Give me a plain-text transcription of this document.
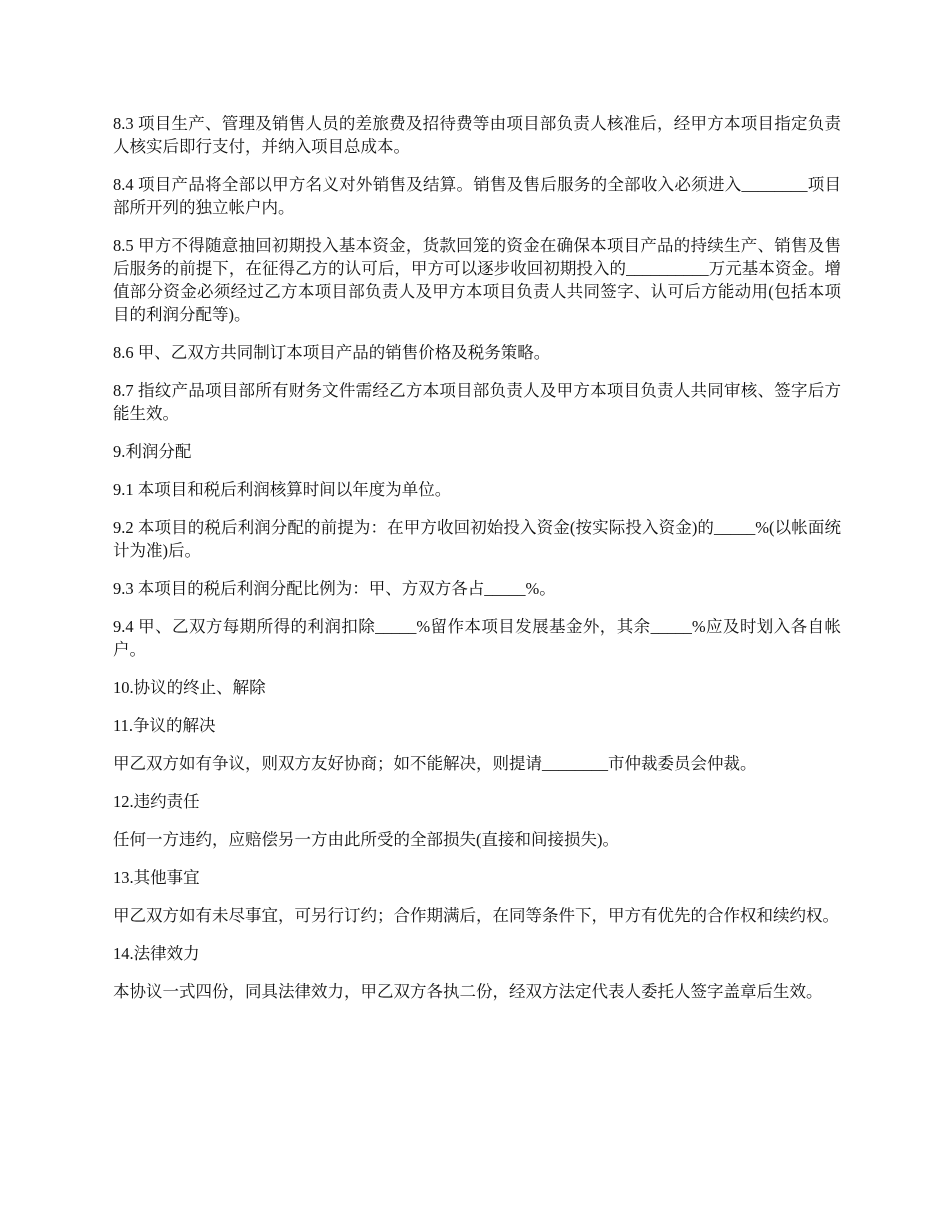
8.3 项目生产、管理及销售人员的差旅费及招待费等由项目部负责人核准后，经甲方本项目指定负责人核实后即行支付，并纳入项目总成本。

8.4 项目产品将全部以甲方名义对外销售及结算。销售及售后服务的全部收入必须进入________项目部所开列的独立帐户内。

8.5 甲方不得随意抽回初期投入基本资金，货款回笼的资金在确保本项目产品的持续生产、销售及售后服务的前提下，在征得乙方的认可后，甲方可以逐步收回初期投入的__________万元基本资金。增值部分资金必须经过乙方本项目部负责人及甲方本项目负责人共同签字、认可后方能动用(包括本项目的利润分配等)。

8.6 甲、乙双方共同制订本项目产品的销售价格及税务策略。

8.7 指纹产品项目部所有财务文件需经乙方本项目部负责人及甲方本项目负责人共同审核、签字后方能生效。

9.利润分配

9.1 本项目和税后利润核算时间以年度为单位。

9.2 本项目的税后利润分配的前提为：在甲方收回初始投入资金(按实际投入资金)的_____%(以帐面统计为准)后。

9.3 本项目的税后利润分配比例为：甲、方双方各占_____%。

9.4 甲、乙双方每期所得的利润扣除_____%留作本项目发展基金外，其余_____%应及时划入各自帐户。

10.协议的终止、解除

11.争议的解决

甲乙双方如有争议，则双方友好协商；如不能解决，则提请________市仲裁委员会仲裁。

12.违约责任

任何一方违约，应赔偿另一方由此所受的全部损失(直接和间接损失)。

13.其他事宜

甲乙双方如有未尽事宜，可另行订约；合作期满后，在同等条件下，甲方有优先的合作权和续约权。

14.法律效力

本协议一式四份，同具法律效力，甲乙双方各执二份，经双方法定代表人委托人签字盖章后生效。
